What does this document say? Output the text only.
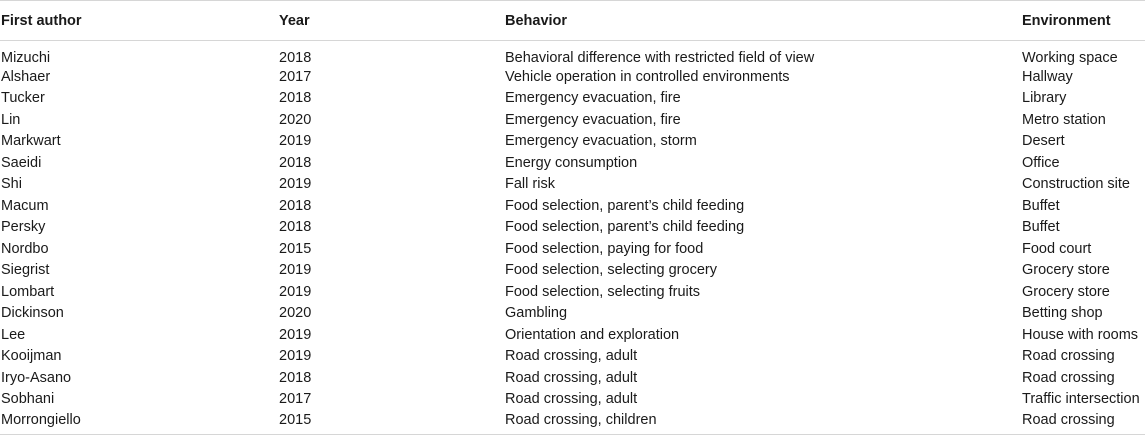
First author	Year	Behavior	Environment
Mizuchi	2018	Behavioral difference with restricted field of view	Working space
Alshaer	2017	Vehicle operation in controlled environments	Hallway
Tucker	2018	Emergency evacuation, fire	Library
Lin	2020	Emergency evacuation, fire	Metro station
Markwart	2019	Emergency evacuation, storm	Desert
Saeidi	2018	Energy consumption	Office
Shi	2019	Fall risk	Construction site
Macum	2018	Food selection, parent’s child feeding	Buffet
Persky	2018	Food selection, parent’s child feeding	Buffet
Nordbo	2015	Food selection, paying for food	Food court
Siegrist	2019	Food selection, selecting grocery	Grocery store
Lombart	2019	Food selection, selecting fruits	Grocery store
Dickinson	2020	Gambling	Betting shop
Lee	2019	Orientation and exploration	House with rooms
Kooijman	2019	Road crossing, adult	Road crossing
Iryo-Asano	2018	Road crossing, adult	Road crossing
Sobhani	2017	Road crossing, adult	Traffic intersection
Morrongiello	2015	Road crossing, children	Road crossing
